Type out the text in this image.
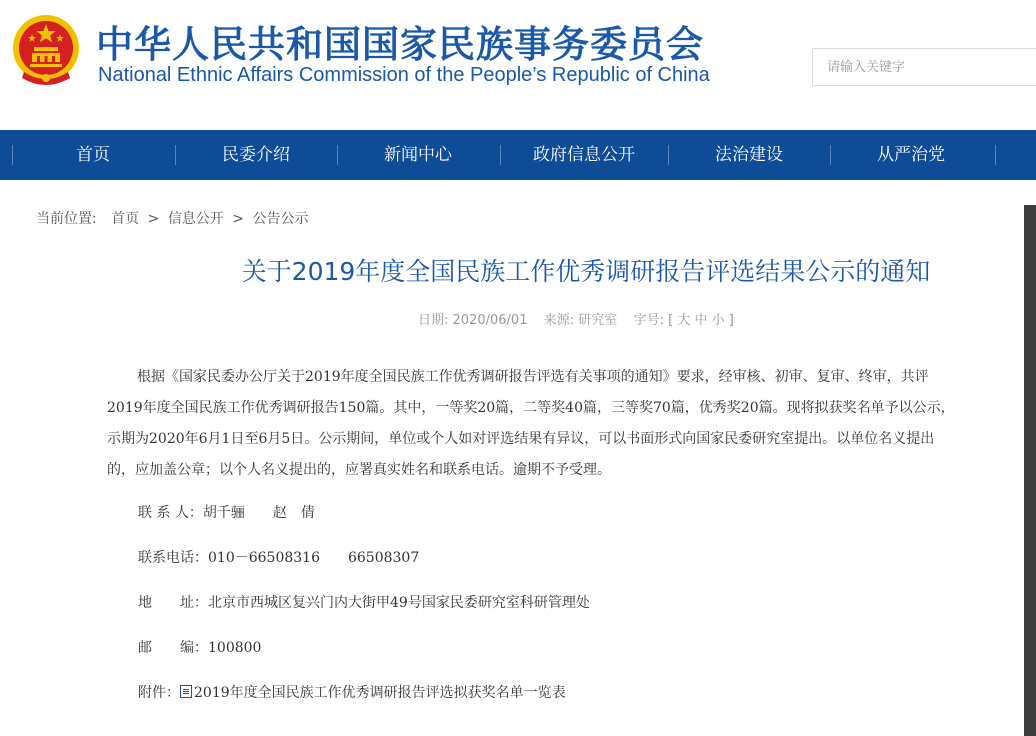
中华人民共和国国家民族事务委员会
National Ethnic Affairs Commission of the People’s Republic of China
请输入关键字
首页	民委介绍	新闻中心	政府信息公开	法治建设	从严治党
当前位置: 首页 > 信息公开 > 公告公示
关于2019年度全国民族工作优秀调研报告评选结果公示的通知
日期: 2020/06/01 来源: 研究室 字号: [ 大 中 小 ]

根据《国家民委办公厅关于2019年度全国民族工作优秀调研报告评选有关事项的通知》要求，经审核、初审、复审、终审，共评

2019年度全国民族工作优秀调研报告150篇。其中，一等奖20篇，二等奖40篇，三等奖70篇，优秀奖20篇。现将拟获奖名单予以公示，

示期为2020年6月1日至6月5日。公示期间，单位或个人如对评选结果有异议，可以书面形式向国家民委研究室提出。以单位名义提出

的，应加盖公章；以个人名义提出的，应署真实姓名和联系电话。逾期不予受理。

联 系 人：胡千骊　　赵　倩
联系电话：010－66508316　　66508307
地　　址：北京市西城区复兴门内大街甲49号国家民委研究室科研管理处
邮　　编：100800
附件： 2019年度全国民族工作优秀调研报告评选拟获奖名单一览表
